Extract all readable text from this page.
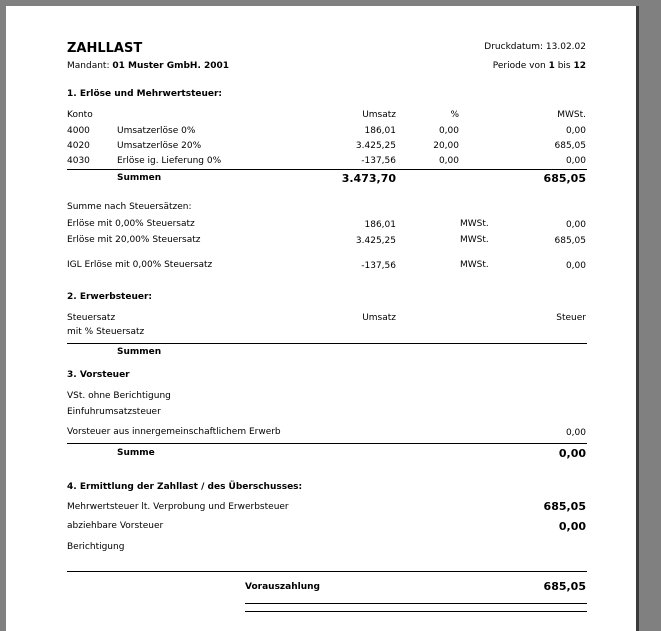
ZAHLLAST	Druckdatum: 13.02.02
Mandant: 01 Muster GmbH. 2001	Periode von 1 bis 12
1. Erlöse und Mehrwertsteuer:
Konto	Umsatz	%	MWSt.
4000	Umsatzerlöse 0%	186,01	0,00	0,00
4020	Umsatzerlöse 20%	3.425,25	20,00	685,05
4030	Erlöse ig. Lieferung 0%	-137,56	0,00	0,00
Summen	3.473,70	685,05
Summe nach Steuersätzen:
Erlöse mit 0,00% Steuersatz	186,01	MWSt.	0,00
Erlöse mit 20,00% Steuersatz	3.425,25	MWSt.	685,05
IGL Erlöse mit 0,00% Steuersatz	-137,56	MWSt.	0,00
2. Erwerbsteuer:
Steuersatz	Umsatz	Steuer
mit % Steuersatz
Summen
3. Vorsteuer
VSt. ohne Berichtigung
Einfuhrumsatzsteuer
Vorsteuer aus innergemeinschaftlichem Erwerb	0,00
Summe	0,00
4. Ermittlung der Zahllast / des Überschusses:
Mehrwertsteuer lt. Verprobung und Erwerbsteuer	685,05
abziehbare Vorsteuer	0,00
Berichtigung
Vorauszahlung	685,05
